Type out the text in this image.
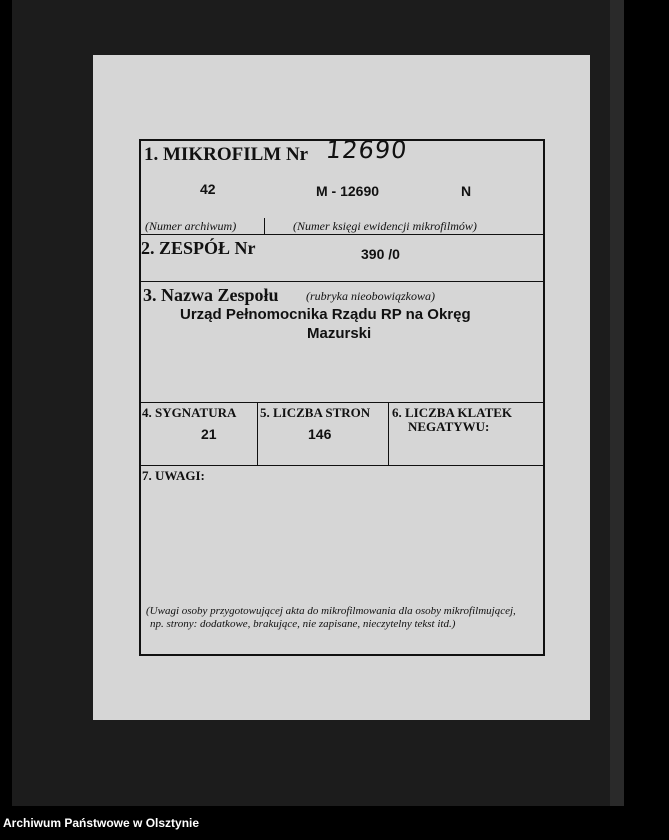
1. MIKROFILM Nr 12690
42	M - 12690	N
(Numer archiwum)	(Numer księgi ewidencji mikrofilmów)
2. ZESPÓŁ Nr	390 /0
3. Nazwa Zespołu (rubryka nieobowiązkowa)
Urząd Pełnomocnika Rządu RP na Okręg
Mazurski
4. SYGNATURA
21
5. LICZBA STRON
146
6. LICZBA KLATEK
NEGATYWU:
7. UWAGI:
(Uwagi osoby przygotowującej akta do mikrofilmowania dla osoby mikrofilmującej,
np. strony: dodatkowe, brakujące, nie zapisane, nieczytelny tekst itd.)
Archiwum Państwowe w Olsztynie
